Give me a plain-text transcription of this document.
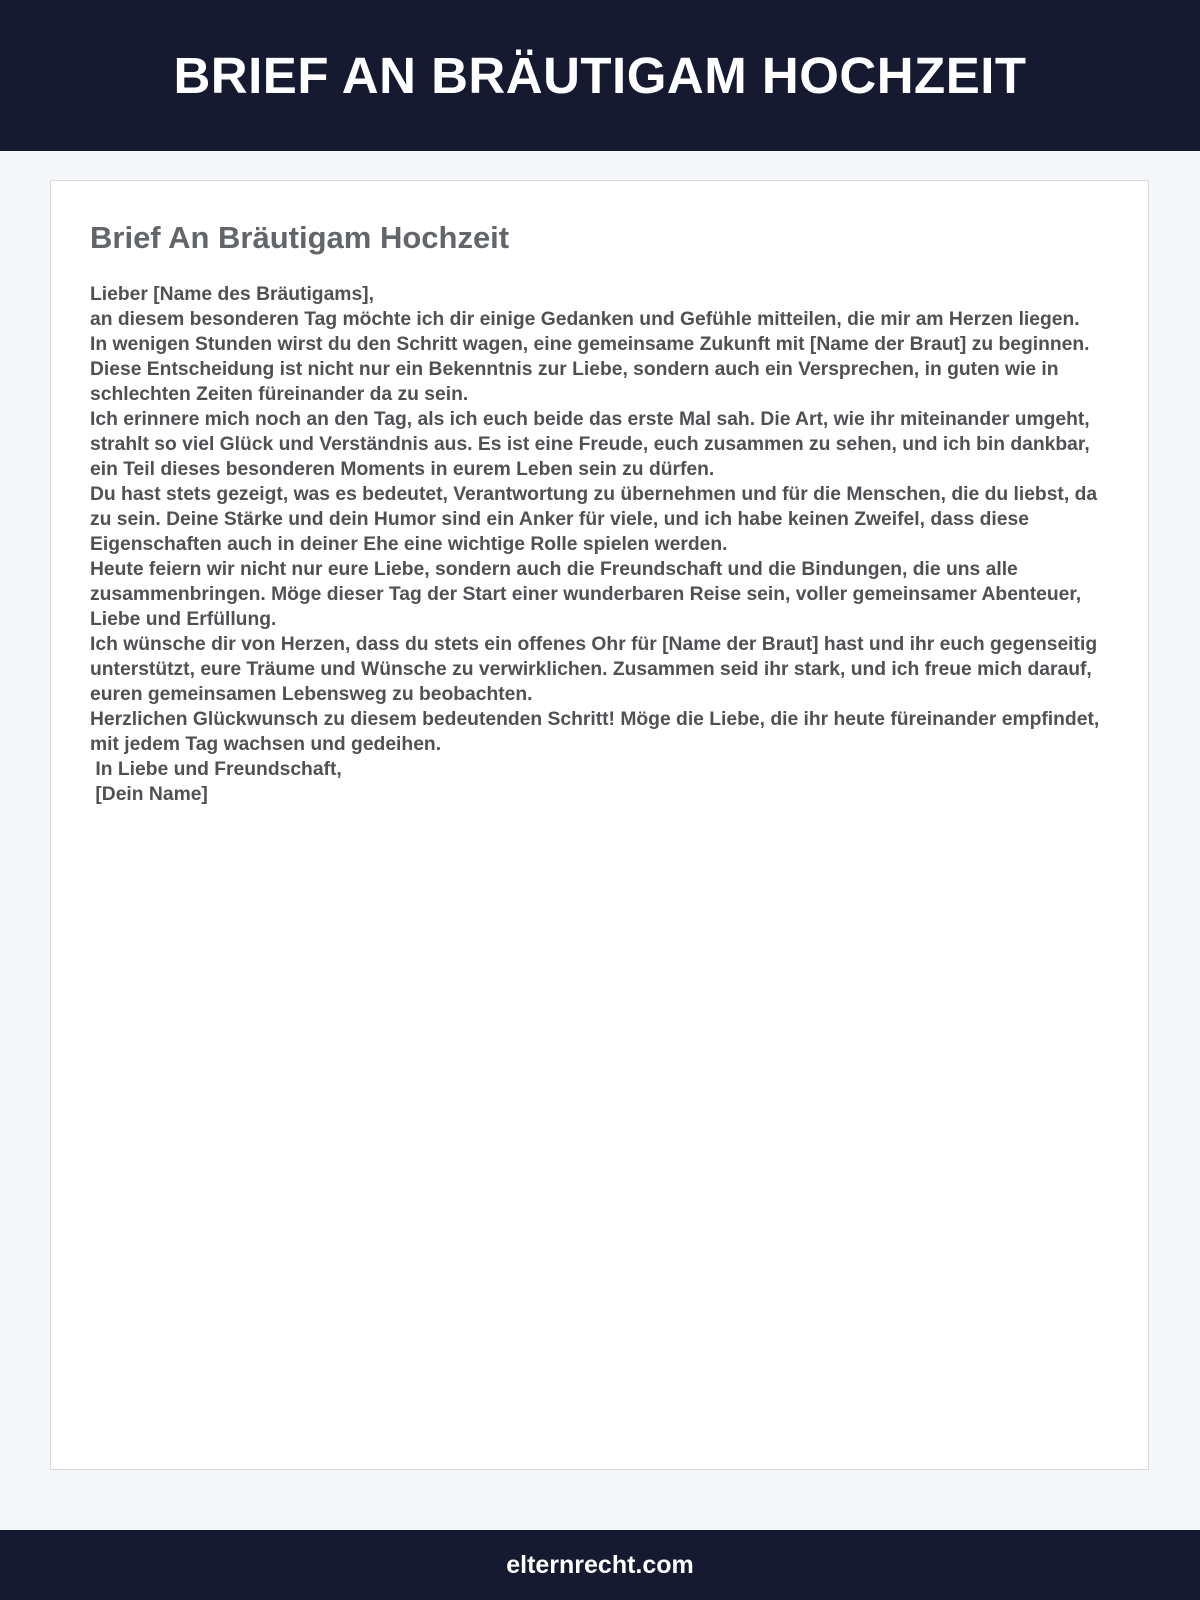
BRIEF AN BRÄUTIGAM HOCHZEIT
Brief An Bräutigam Hochzeit

Lieber [Name des Bräutigams],

an diesem besonderen Tag möchte ich dir einige Gedanken und Gefühle mitteilen, die mir am Herzen liegen.

In wenigen Stunden wirst du den Schritt wagen, eine gemeinsame Zukunft mit [Name der Braut] zu beginnen. Diese Entscheidung ist nicht nur ein Bekenntnis zur Liebe, sondern auch ein Versprechen, in guten wie in schlechten Zeiten füreinander da zu sein.

Ich erinnere mich noch an den Tag, als ich euch beide das erste Mal sah. Die Art, wie ihr miteinander umgeht, strahlt so viel Glück und Verständnis aus. Es ist eine Freude, euch zusammen zu sehen, und ich bin dankbar, ein Teil dieses besonderen Moments in eurem Leben sein zu dürfen.

Du hast stets gezeigt, was es bedeutet, Verantwortung zu übernehmen und für die Menschen, die du liebst, da zu sein. Deine Stärke und dein Humor sind ein Anker für viele, und ich habe keinen Zweifel, dass diese Eigenschaften auch in deiner Ehe eine wichtige Rolle spielen werden.

Heute feiern wir nicht nur eure Liebe, sondern auch die Freundschaft und die Bindungen, die uns alle zusammenbringen. Möge dieser Tag der Start einer wunderbaren Reise sein, voller gemeinsamer Abenteuer, Liebe und Erfüllung.

Ich wünsche dir von Herzen, dass du stets ein offenes Ohr für [Name der Braut] hast und ihr euch gegenseitig unterstützt, eure Träume und Wünsche zu verwirklichen. Zusammen seid ihr stark, und ich freue mich darauf, euren gemeinsamen Lebensweg zu beobachten.

Herzlichen Glückwunsch zu diesem bedeutenden Schritt! Möge die Liebe, die ihr heute füreinander empfindet, mit jedem Tag wachsen und gedeihen.

In Liebe und Freundschaft,

[Dein Name]

elternrecht.com
